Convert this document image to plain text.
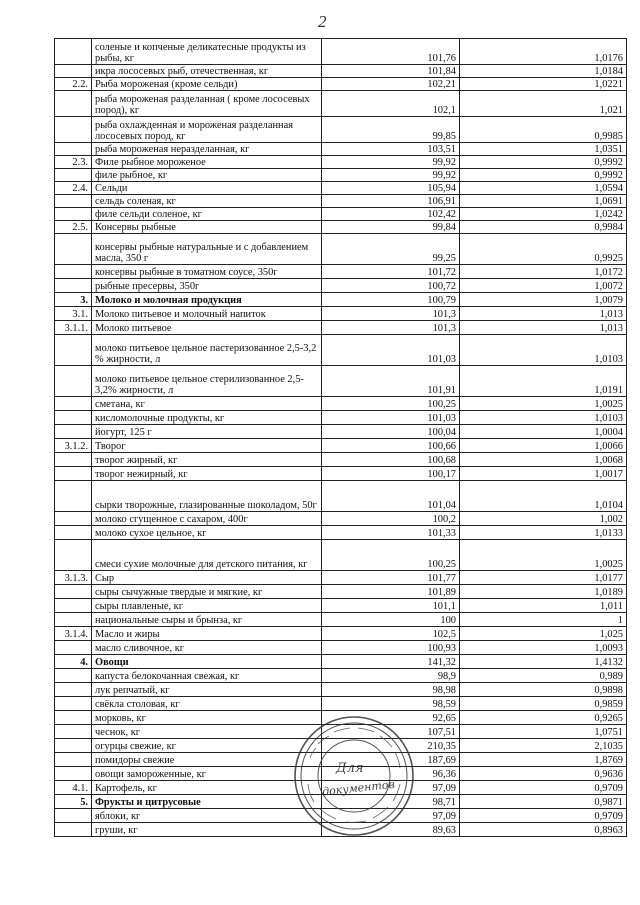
2
	соленые и копченые деликатесные продукты из рыбы, кг	101,76	1,0176
	икра лососевых рыб, отечественная, кг	101,84	1,0184
2.2.	Рыба мороженая (кроме сельди)	102,21	1,0221
	рыба мороженая разделанная ( кроме лососевых пород), кг	102,1	1,021
	рыба охлажденная и мороженая разделанная лососевых пород, кг	99,85	0,9985
	рыба мороженая неразделанная, кг	103,51	1,0351
2.3.	Филе рыбное мороженое	99,92	0,9992
	филе рыбное, кг	99,92	0,9992
2.4.	Сельди	105,94	1,0594
	сельдь соленая, кг	106,91	1,0691
	филе сельди соленое, кг	102,42	1,0242
2.5.	Консервы рыбные	99,84	0,9984
	консервы рыбные натуральные и с добавлением масла, 350 г	99,25	0,9925
	консервы рыбные в томатном соусе, 350г	101,72	1,0172
	рыбные пресервы, 350г	100,72	1,0072
3.	Молоко и молочная продукция	100,79	1,0079
3.1.	Молоко питьевое и молочный напиток	101,3	1,013
3.1.1.	Молоко питьевое	101,3	1,013
	молоко питьевое цельное пастеризованное 2,5-3,2 % жирности, л	101,03	1,0103
	молоко питьевое цельное стерилизованное 2,5-3,2% жирности, л	101,91	1,0191
	сметана, кг	100,25	1,0025
	кисломолочные продукты, кг	101,03	1,0103
	йогурт, 125 г	100,04	1,0004
3.1.2.	Творог	100,66	1,0066
	творог жирный, кг	100,68	1,0068
	творог нежирный, кг	100,17	1,0017
	сырки творожные, глазированные шоколадом, 50г	101,04	1,0104
	молоко сгущенное с сахаром, 400г	100,2	1,002
	молоко сухое цельное, кг	101,33	1,0133
	смеси сухие молочные для детского питания, кг	100,25	1,0025
3.1.3.	Сыр	101,77	1,0177
	сыры сычужные твердые и мягкие, кг	101,89	1,0189
	сыры плавленые, кг	101,1	1,011
	национальные сыры и брынза, кг	100	1
3.1.4.	Масло и жиры	102,5	1,025
	масло сливочное, кг	100,93	1,0093
4.	Овощи	141,32	1,4132
	капуста белокочанная свежая, кг	98,9	0,989
	лук репчатый, кг	98,98	0,9898
	свёкла столовая, кг	98,59	0,9859
	морковь, кг	92,65	0,9265
	чеснок, кг	107,51	1,0751
	огурцы свежие, кг	210,35	2,1035
	помидоры свежие	187,69	1,8769
	овощи замороженные, кг	96,36	0,9636
4.1.	Картофель, кг	97,09	0,9709
5.	Фрукты и цитрусовые	98,71	0,9871
	яблоки, кг	97,09	0,9709
	груши, кг	89,63	0,8963
Для
документов
